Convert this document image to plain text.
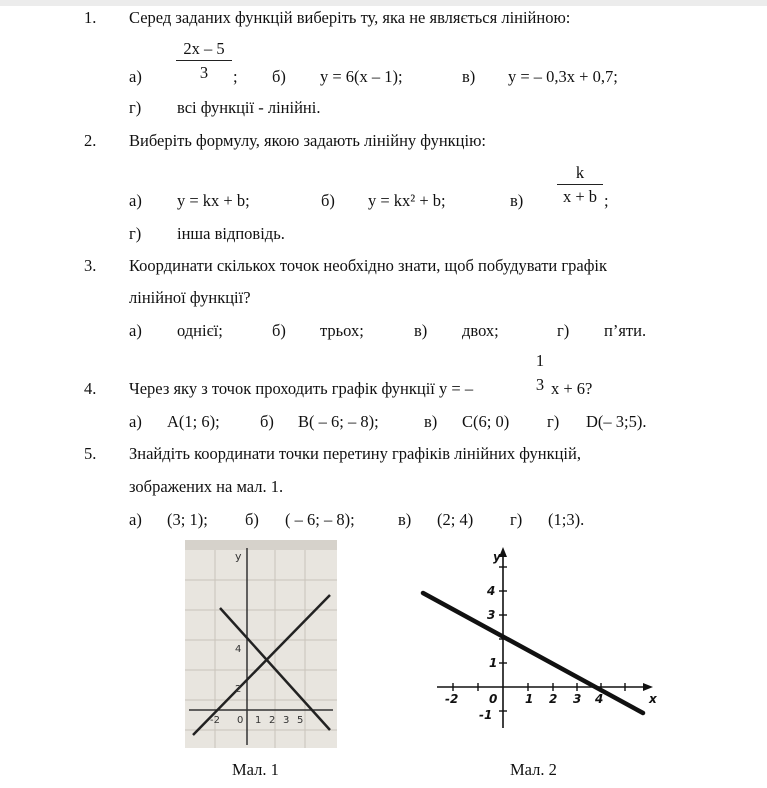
1. Серед заданих функцій виберіть ту, яка не являється лінійною:
а)
2x – 5
3	; б) y = 6(x – 1);	в) y = – 0,3x + 0,7;
г) всі функції - лінійні.
2. Виберіть формулу, якою задають лінійну функцію:
а) y = kx + b;	б) y = kx² + b;	в)
k
x + b ;
г) інша відповідь.
3. Координати скількох точок необхідно знати, щоб побудувати графік
лінійної функції?
а) однієї;	б) трьох;	в) двох;	г) п’яти.
4. Через яку з точок проходить графік функції y = –
1
3 x + 6?
а) A(1; 6); б) B( – 6; – 8);	в) C(6; 0) г) D(– 3;5).
5. Знайдіть координати точки перетину графіків лінійних функцій,
зображених на мал. 1.
а) (3; 1); б) ( – 6; – 8);	в) (2; 4) г) (1;3).
y
4
2
-2 0 1 2 3 5
Мал. 1
y
x
4
3
1
-1
-2	0 1 2 3 4
Мал. 2
